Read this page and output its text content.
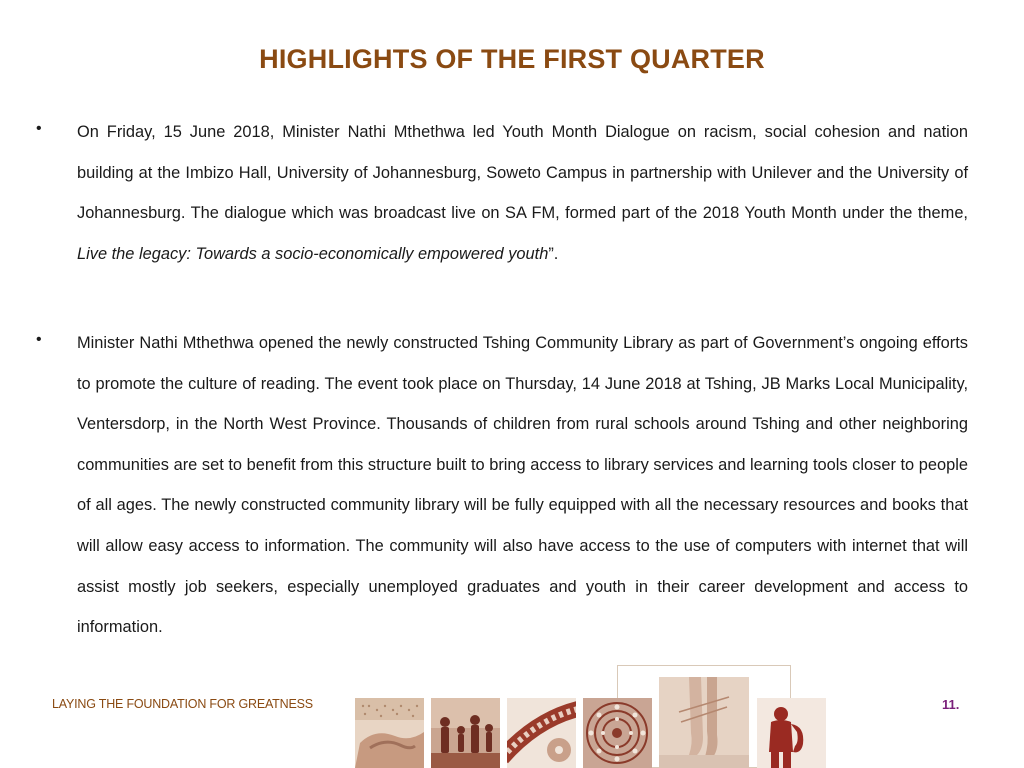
HIGHLIGHTS OF THE FIRST QUARTER
• On Friday, 15 June 2018, Minister Nathi Mthethwa led Youth Month Dialogue on racism, social cohesion and nation building at the Imbizo Hall, University of Johannesburg, Soweto Campus in partnership with Unilever and the University of Johannesburg. The dialogue which was broadcast live on SA FM, formed part of the 2018 Youth Month under the theme, Live the legacy: Towards a socio-economically empowered youth”.
• Minister Nathi Mthethwa opened the newly constructed Tshing Community Library as part of Government’s ongoing efforts to promote the culture of reading. The event took place on Thursday, 14 June 2018 at Tshing, JB Marks Local Municipality, Ventersdorp, in the North West Province. Thousands of children from rural schools around Tshing and other neighboring communities are set to benefit from this structure built to bring access to library services and learning tools closer to people of all ages. The newly constructed community library will be fully equipped with all the necessary resources and books that will allow easy access to information. The community will also have access to the use of computers with internet that will assist mostly job seekers, especially unemployed graduates and youth in their career development and access to information.
LAYING THE FOUNDATION FOR GREATNESS	11.
